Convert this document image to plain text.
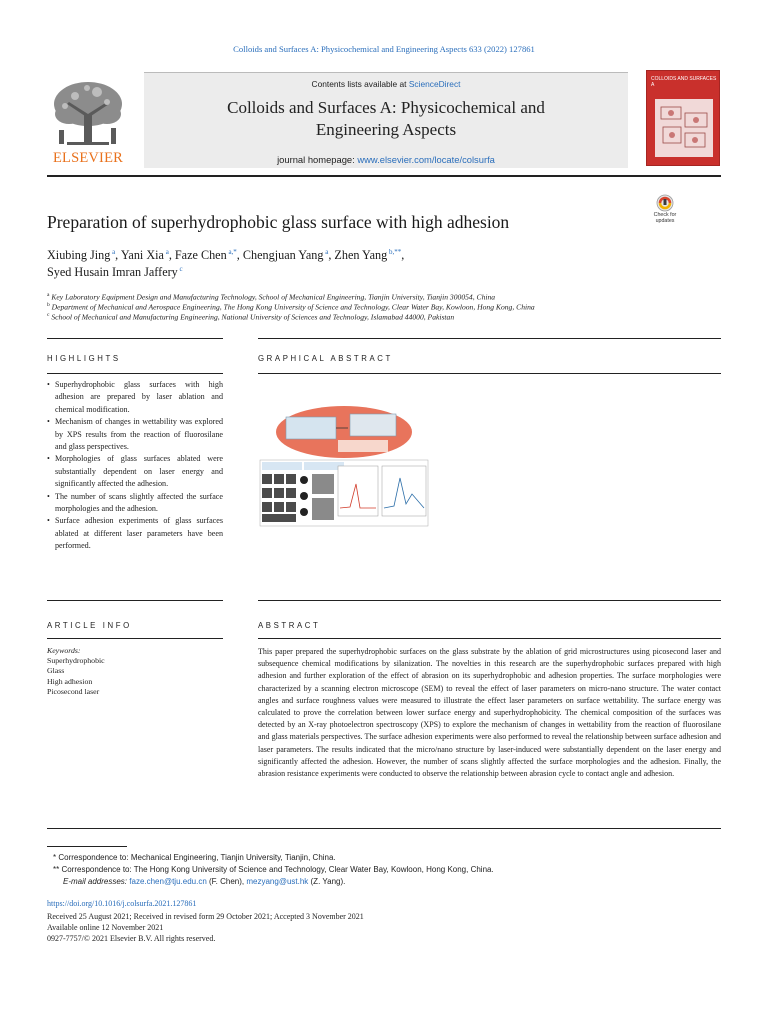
Colloids and Surfaces A: Physicochemical and Engineering Aspects 633 (2022) 127861
Contents lists available at ScienceDirect
Colloids and Surfaces A: Physicochemical and
Engineering Aspects
journal homepage: www.elsevier.com/locate/colsurfa
ELSEVIER
COLLOIDS AND SURFACES A
Preparation of superhydrophobic glass surface with high adhesion	Check for
updates
Xiubing Jing $^a$, Yani Xia $^a$, Faze Chen $^{a,*}$, Chengjuan Yang $^a$, Zhen Yang $^{b,**}$,
Syed Husain Imran Jaffery $^c$
$^a$ Key Laboratory Equipment Design and Manufacturing Technology, School of Mechanical Engineering, Tianjin University, Tianjin 300054, China
$^b$ Department of Mechanical and Aerospace Engineering, The Hong Kong University of Science and Technology, Clear Water Bay, Kowloon, Hong Kong, China
$^c$ School of Mechanical and Manufacturing Engineering, National University of Sciences and Technology, Islamabad 44000, Pakistan
HIGHLIGHTS
• Superhydrophobic glass surfaces with high adhesion are prepared by laser ablation and chemical modification.
• Mechanism of changes in wettability was explored by XPS results from the reaction of fluorosilane and glass perspectives.
• Morphologies of glass surfaces ablated were substantially dependent on laser energy and significantly affected the adhesion.
• The number of scans slightly affected the surface morphologies and the adhesion.
• Surface adhesion experiments of glass surfaces ablated at different laser parameters have been performed.
GRAPHICAL ABSTRACT
ARTICLE INFO
Keywords:
Superhydrophobic
Glass
High adhesion
Picosecond laser
ABSTRACT
This paper prepared the superhydrophobic surfaces on the glass substrate by the ablation of grid microstructures using picosecond laser and subsequence chemical modifications by silanization. The novelties in this research are the superhydrophobic surfaces prepared with high adhesion and further exploration of the effect of abrasion on its superhydrophobic and adhesion properties. The surface morphologies were characterized by a scanning electron microscope (SEM) to reveal the effect of laser parameters on micro-nano structure. The water contact angles and surface roughness values were measured to illustrate the effect laser parameters on surface wettability. The surface energy was calculated to prove the correlation between lower surface energy and superhydrophobicity. The chemical composition of the surfaces was detected by an X-ray photoelectron spectroscopy (XPS) to explore the mechanism of changes in wettability from the reaction of fluorosilane and glass materials perspectives. The surface adhesion experiments were also performed to reveal the relationship between surface adhesion and laser parameters. The results indicated that the micro/nano structure by laser-induced were substantially dependent on the laser energy and significantly affected the adhesion. However, the number of scans slightly affected the surface morphologies and the adhesion. Finally, the abrasion resistance experiments were conducted to observe the relationship between abrasion cycle to contact angle and adhesion.
* Correspondence to: Mechanical Engineering, Tianjin University, Tianjin, China.
** Correspondence to: The Hong Kong University of Science and Technology, Clear Water Bay, Kowloon, Hong Kong, China.
E-mail addresses: faze.chen@tju.edu.cn (F. Chen), mezyang@ust.hk (Z. Yang).
https://doi.org/10.1016/j.colsurfa.2021.127861
Received 25 August 2021; Received in revised form 29 October 2021; Accepted 3 November 2021
Available online 12 November 2021
0927-7757/© 2021 Elsevier B.V. All rights reserved.
